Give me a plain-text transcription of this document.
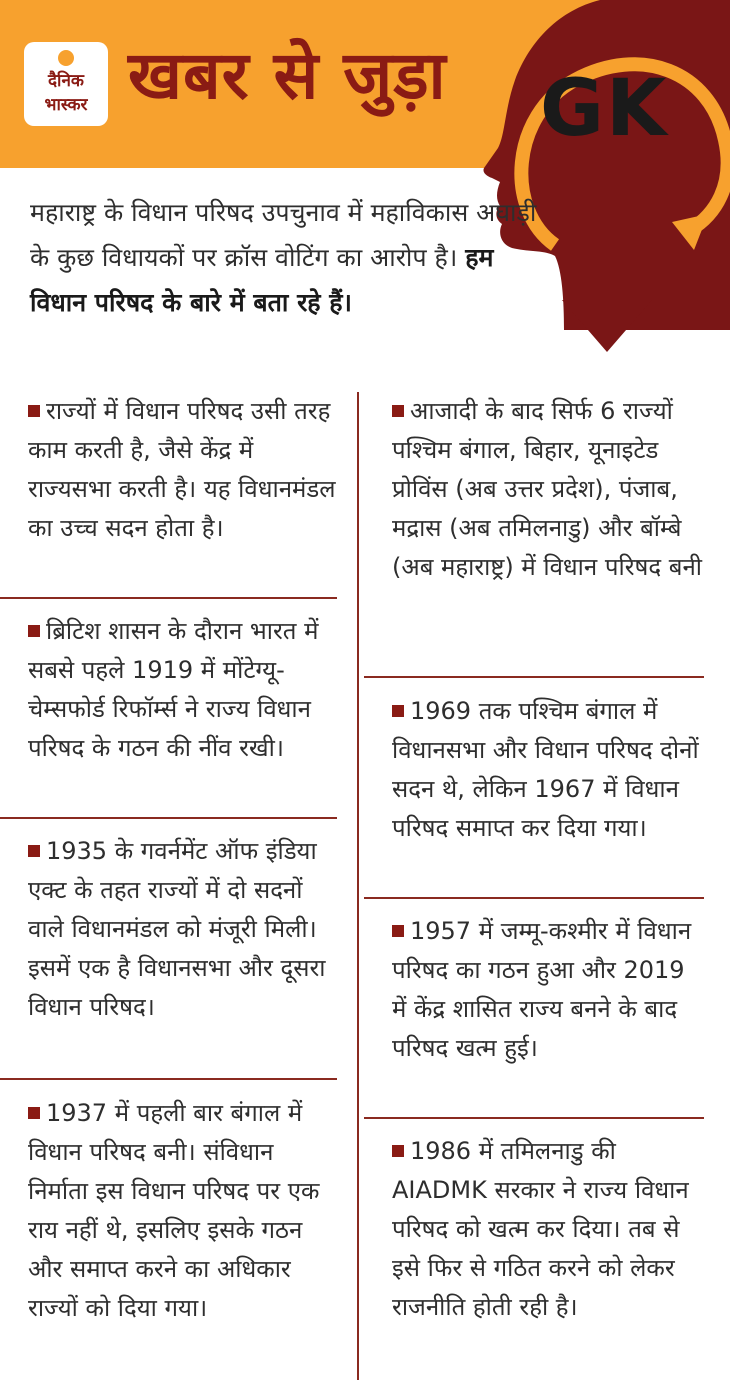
दैनिक
भास्कर खबर से जुड़ा GK
महाराष्ट्र के विधान परिषद उपचुनाव में महाविकास अघाड़ी के कुछ विधायकों पर क्रॉस वोटिंग का आरोप है। हम विधान परिषद के बारे में बता रहे हैं।
राज्यों में विधान परिषद उसी तरह काम करती है, जैसे केंद्र में राज्यसभा करती है। यह विधानमंडल का उच्च सदन होता है।
ब्रिटिश शासन के दौरान भारत में सबसे पहले 1919 में मोंटेग्यू-चेम्सफोर्ड रिफॉर्म्स ने राज्य विधान परिषद के गठन की नींव रखी।
1935 के गवर्नमेंट ऑफ इंडिया एक्ट के तहत राज्यों में दो सदनों वाले विधानमंडल को मंजूरी मिली। इसमें एक है विधानसभा और दूसरा विधान परिषद।
1937 में पहली बार बंगाल में विधान परिषद बनी। संविधान निर्माता इस विधान परिषद पर एक राय नहीं थे, इसलिए इसके गठन और समाप्त करने का अधिकार राज्यों को दिया गया।
आजादी के बाद सिर्फ 6 राज्यों पश्चिम बंगाल, बिहार, यूनाइटेड प्रोविंस (अब उत्तर प्रदेश), पंजाब, मद्रास (अब तमिलनाडु) और बॉम्बे (अब महाराष्ट्र) में विधान परिषद बनी
1969 तक पश्चिम बंगाल में विधानसभा और विधान परिषद दोनों सदन थे, लेकिन 1967 में विधान परिषद समाप्त कर दिया गया।
1957 में जम्मू-कश्मीर में विधान परिषद का गठन हुआ और 2019 में केंद्र शासित राज्य बनने के बाद परिषद खत्म हुई।
1986 में तमिलनाडु की AIADMK सरकार ने राज्य विधान परिषद को खत्म कर दिया। तब से इसे फिर से गठित करने को लेकर राजनीति होती रही है।
